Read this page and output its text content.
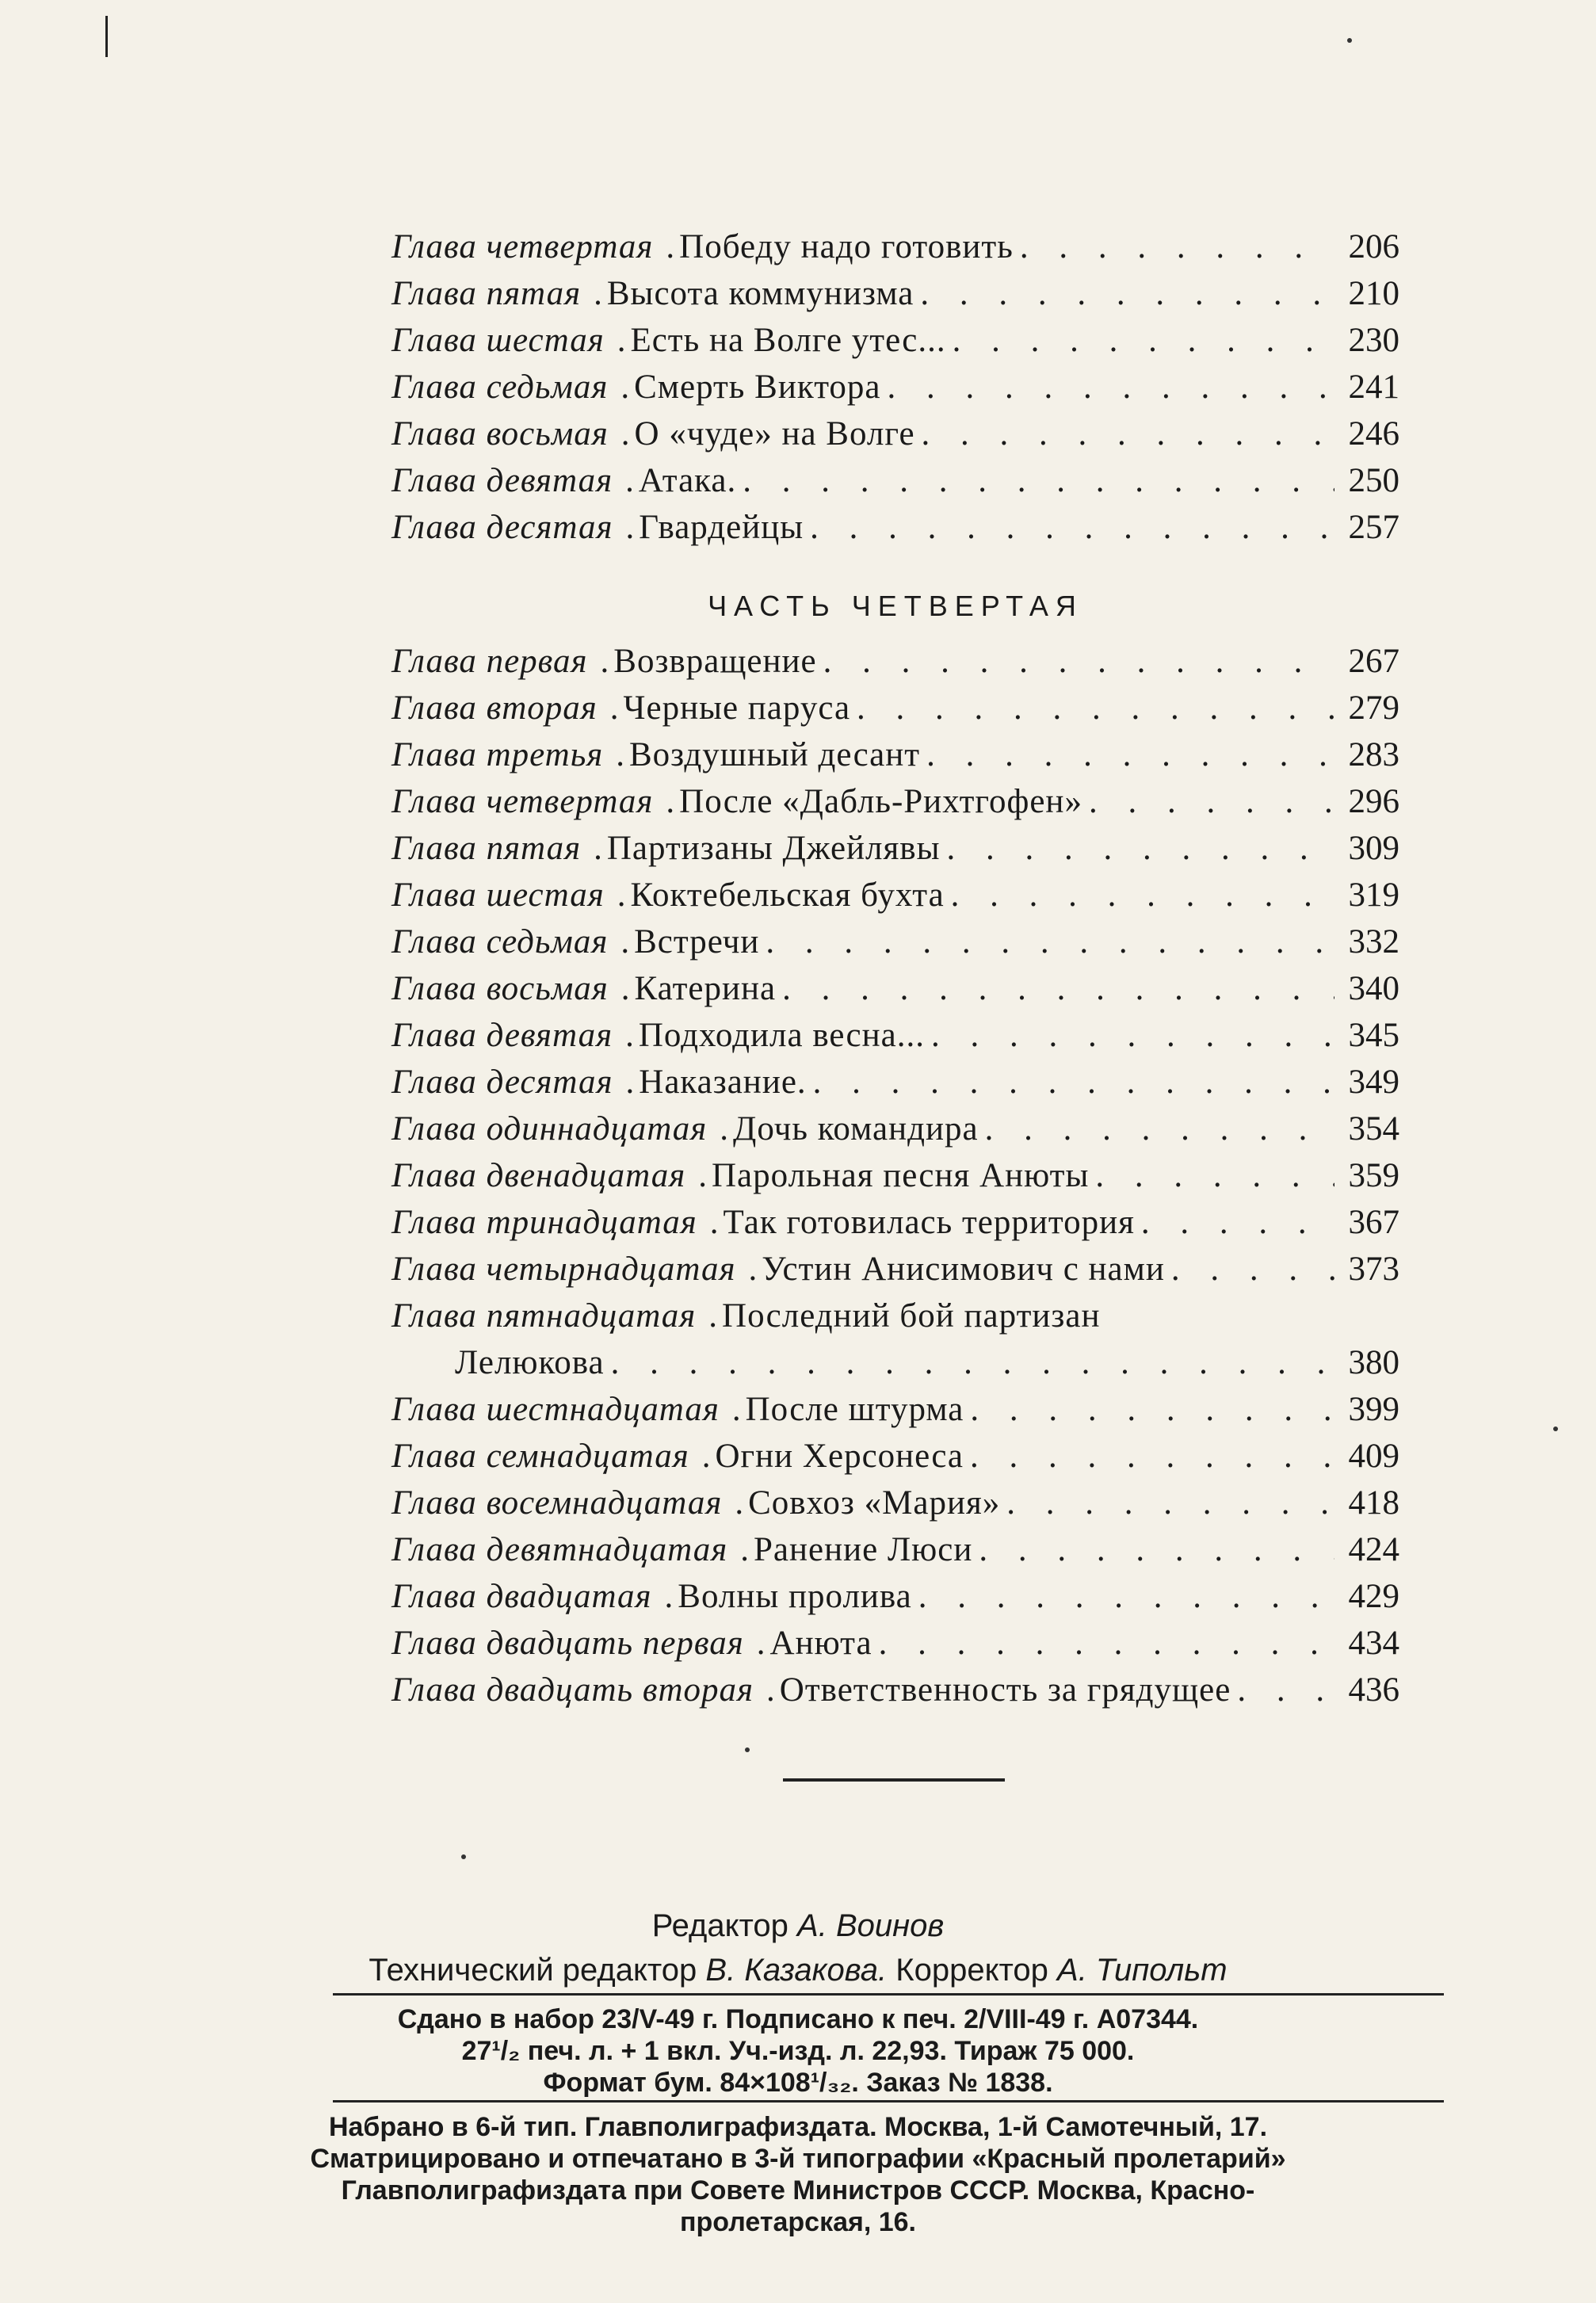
Глава четвертая . Победу надо готовить . . .	206
Глава пятая . Высота коммунизма . . .	210
Глава шестая . Есть на Волге утес... . . .	230
Глава седьмая . Смерть Виктора . . .	241
Глава восьмая . О «чуде» на Волге . . .	246
Глава девятая . Атака. . . .	250
Глава десятая . Гвардейцы . . .	257
ЧАСТЬ ЧЕТВЕРТАЯ
Глава первая . Возвращение . . .	267
Глава вторая . Черные паруса . . .	279
Глава третья . Воздушный десант . . .	283
Глава четвертая . После «Дабль-Рихтгофен» . . .	296
Глава пятая . Партизаны Джейлявы . . .	309
Глава шестая . Коктебельская бухта . . .	319
Глава седьмая . Встречи . . .	332
Глава восьмая . Катерина . . .	340
Глава девятая . Подходила весна... . . .	345
Глава десятая . Наказание. . . .	349
Глава одиннадцатая . Дочь командира . . .	354
Глава двенадцатая . Парольная песня Анюты . . .	359
Глава тринадцатая . Так готовилась территория . . .	367
Глава четырнадцатая . Устин Анисимович с нами . . .	373
Глава пятнадцатая . Последний бой партизан
Лелюкова . . .	380
Глава шестнадцатая . После штурма . . .	399
Глава семнадцатая . Огни Херсонеса . . .	409
Глава восемнадцатая . Совхоз «Мария» . . .	418
Глава девятнадцатая . Ранение Люси . . .	424
Глава двадцатая . Волны пролива . . .	429
Глава двадцать первая . Анюта . . .	434
Глава двадцать вторая . Ответственность за грядущее . . .	436

Редактор А. Воинов

Технический редактор В. Казакова. Корректор А. Типольт

Сдано в набор 23/V-49 г. Подписано к печ. 2/VIII-49 г. А07344.

27¹/₂ печ. л. + 1 вкл. Уч.-изд. л. 22,93. Тираж 75 000.

Формат бум. 84×108¹/₃₂. Заказ № 1838.

Набрано в 6-й тип. Главполиграфиздата. Москва, 1-й Самотечный, 17.

Сматрицировано и отпечатано в 3-й типографии «Красный пролетарий»

Главполиграфиздата при Совете Министров СССР. Москва, Красно-

пролетарская, 16.
